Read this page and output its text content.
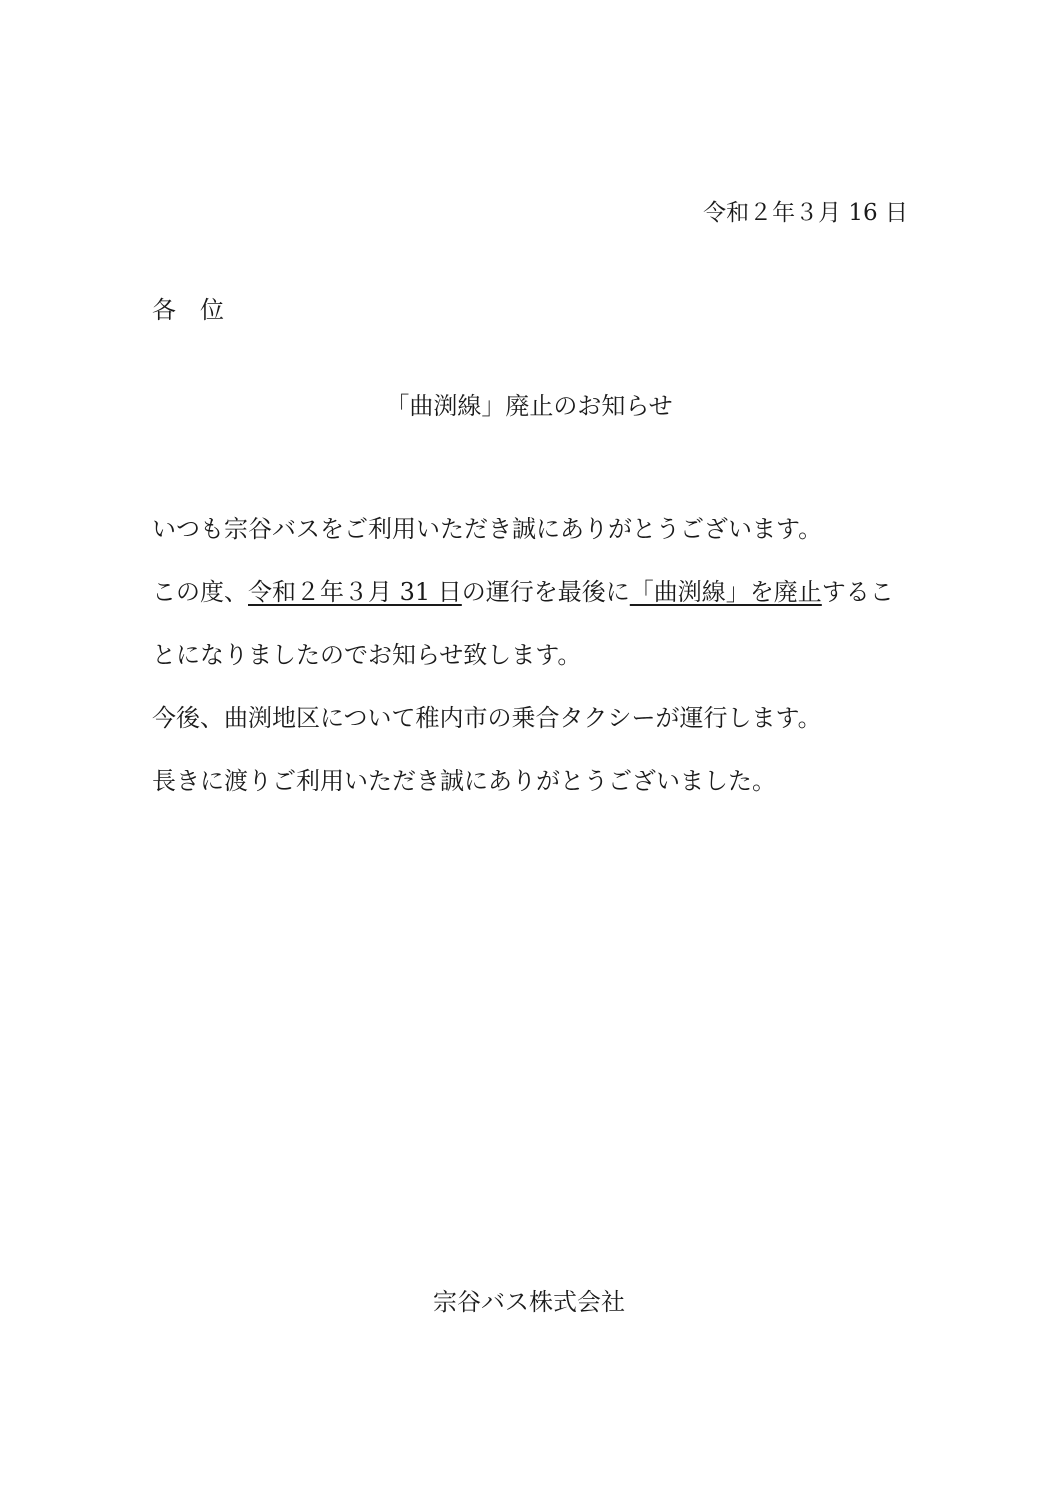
令和２年３月 16 日
各　位
「曲渕線」廃止のお知らせ
いつも宗谷バスをご利用いただき誠にありがとうございます。
この度、令和２年３月 31 日の運行を最後に「曲渕線」を廃止するこ
とになりましたのでお知らせ致します。
今後、曲渕地区について稚内市の乗合タクシーが運行します。
長きに渡りご利用いただき誠にありがとうございました。
宗谷バス株式会社
